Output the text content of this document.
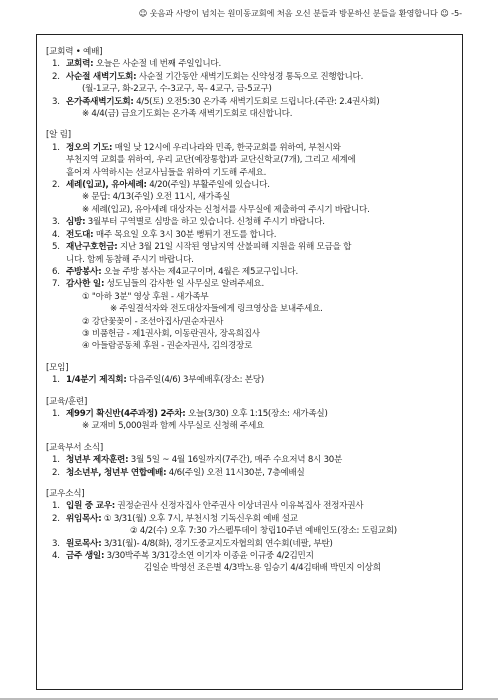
☺ 웃음과 사랑이 넘치는 원미동교회에 처음 오신 분들과 방문하신 분들을 환영합니다 ☺ -5-
[교회력 • 예배]
1. 교회력: 오늘은 사순절 네 번째 주일입니다.
2. 사순절 새벽기도회: 사순절 기간동안 새벽기도회는 신약성경 통독으로 진행합니다.
(월-1교구, 화-2교구, 수-3교구, 목- 4교구, 금-5교구)
3. 온가족새벽기도회: 4/5(토) 오전5:30 온가족 새벽기도회로 드립니다.(주관: 2.4권사회)
※ 4/4(금) 금요기도회는 온가족 새벽기도회로 대신합니다.
[알 림]
1. 정오의 기도: 매일 낮 12시에 우리나라와 민족, 한국교회를 위하여, 부천시와
부천지역 교회를 위하여, 우리 교단(예장통합)과 교단신학교(7개), 그리고 세계에
흩어져 사역하시는 선교사님들을 위하여 기도해 주세요.
2. 세례(입교), 유아세례: 4/20(주일) 부활주일에 있습니다.
※ 문답: 4/13(주일) 오전 11시, 새가족실
※ 세례(입교), 유아세례 대상자는 신청서를 사무실에 제출하여 주시기 바랍니다.
3. 심방: 3월부터 구역별로 심방을 하고 있습니다. 신청해 주시기 바랍니다.
4. 전도대: 매주 목요일 오후 3시 30분 뻥튀기 전도를 합니다.
5. 재난구호헌금: 지난 3월 21일 시작된 영남지역 산불피해 지원을 위해 모금을 합
니다. 함께 동참해 주시기 바랍니다.
6. 주방봉사: 오늘 주방 봉사는 제4교구이며, 4월은 제5교구입니다.
7. 감사한 일: 성도님들의 감사한 일 사무실로 알려주세요.
① "아하 3분" 영상 후원 - 새가족부
※ 주일결석자와 전도대상자들에게 링크영상을 보내주세요.
② 강단꽃꽂이 - 조선아집사/권순자권사
③ 비품헌금 - 제1권사회, 이동란권사, 장옥희집사
④ 아들람공동체 후원 - 권순자권사, 김의경장로
[모임]
1. 1/4분기 제직회: 다음주일(4/6) 3부예배후(장소: 본당)
[교육/훈련]
1. 제99기 확신반(4주과정) 2주차: 오늘(3/30) 오후 1:15(장소: 새가족실)
※ 교재비 5,000원과 함께 사무실로 신청해 주세요
[교육부서 소식]
1. 청년부 제자훈련: 3월 5일 ~ 4월 16일까지(7주간), 매주 수요저녁 8시 30분
2. 청소년부, 청년부 연합예배: 4/6(주일) 오전 11시30분, 7층예배실
[교우소식]
1. 입원 중 교우: 권정순권사 신정자집사 안주권사 이상녀권사 이유복집사 전정자권사
2. 위임목사: ① 3/31(월) 오후 7시, 부천시청 기독신우회 예배 설교
② 4/2(수) 오후 7:30 가스펠투데이 창립10주년 예배인도(장소: 도림교회)
3. 원로목사: 3/31(월)- 4/8(화), 경기도중교지도자협의회 연수회(네팔, 부탄)
4. 금주 생일: 3/30박주복 3/31강소연 이기자 이종윤 이규중 4/2김민지
김일순 박영선 조은별 4/3박노용 임승기 4/4김태배 박민지 이상희
